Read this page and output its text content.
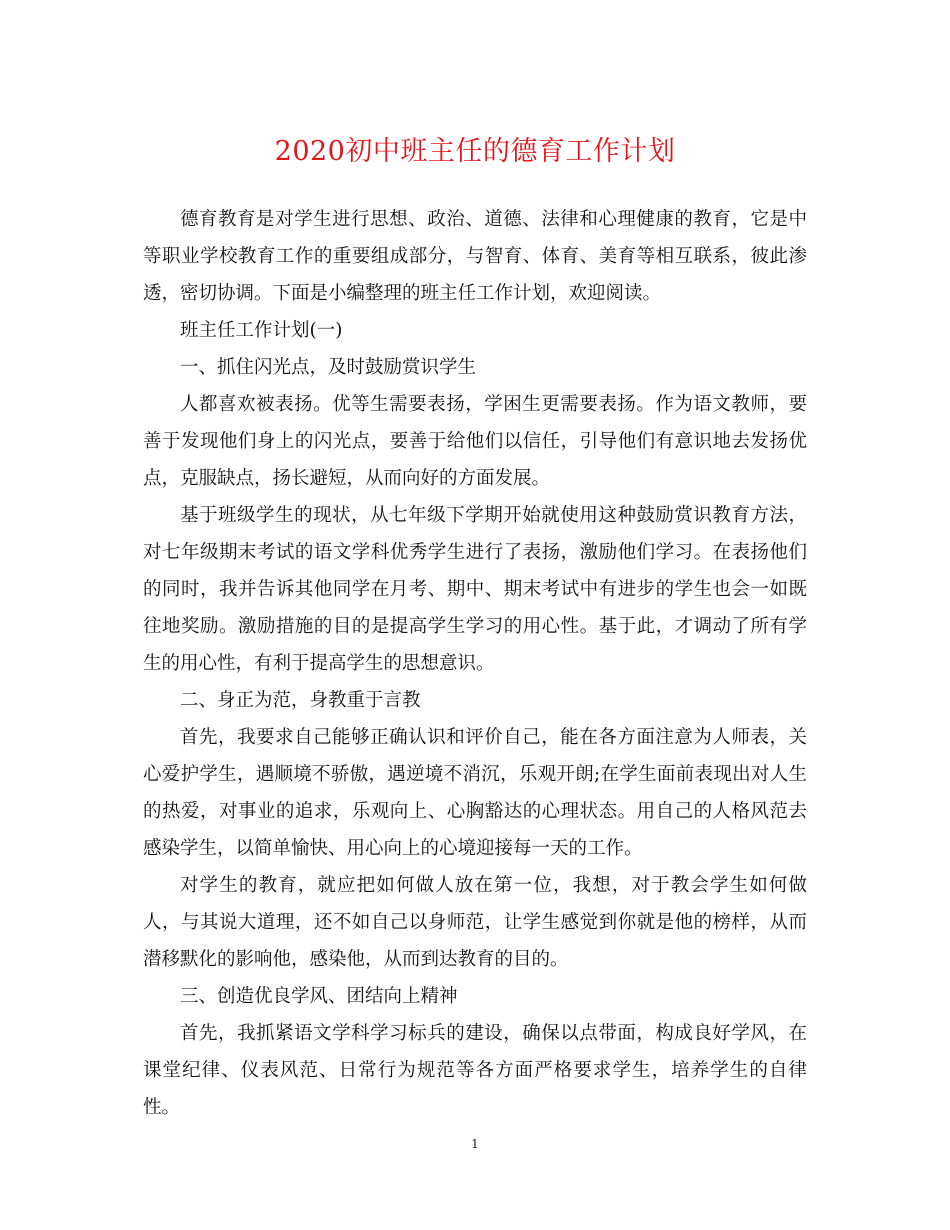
2020初中班主任的德育工作计划

德育教育是对学生进行思想、政治、道德、法律和心理健康的教育，它是中等职业学校教育工作的重要组成部分，与智育、体育、美育等相互联系，彼此渗透，密切协调。下面是小编整理的班主任工作计划，欢迎阅读。

班主任工作计划(一)

一、抓住闪光点，及时鼓励赏识学生

人都喜欢被表扬。优等生需要表扬，学困生更需要表扬。作为语文教师，要善于发现他们身上的闪光点，要善于给他们以信任，引导他们有意识地去发扬优点，克服缺点，扬长避短，从而向好的方面发展。

基于班级学生的现状，从七年级下学期开始就使用这种鼓励赏识教育方法，对七年级期末考试的语文学科优秀学生进行了表扬，激励他们学习。在表扬他们的同时，我并告诉其他同学在月考、期中、期末考试中有进步的学生也会一如既往地奖励。激励措施的目的是提高学生学习的用心性。基于此，才调动了所有学生的用心性，有利于提高学生的思想意识。

二、身正为范，身教重于言教

首先，我要求自己能够正确认识和评价自己，能在各方面注意为人师表，关心爱护学生，遇顺境不骄傲，遇逆境不消沉，乐观开朗;在学生面前表现出对人生的热爱，对事业的追求，乐观向上、心胸豁达的心理状态。用自己的人格风范去感染学生，以简单愉快、用心向上的心境迎接每一天的工作。

对学生的教育，就应把如何做人放在第一位，我想，对于教会学生如何做人，与其说大道理，还不如自己以身师范，让学生感觉到你就是他的榜样，从而潜移默化的影响他，感染他，从而到达教育的目的。

三、创造优良学风、团结向上精神

首先，我抓紧语文学科学习标兵的建设，确保以点带面，构成良好学风，在课堂纪律、仪表风范、日常行为规范等各方面严格要求学生，培养学生的自律性。

1
